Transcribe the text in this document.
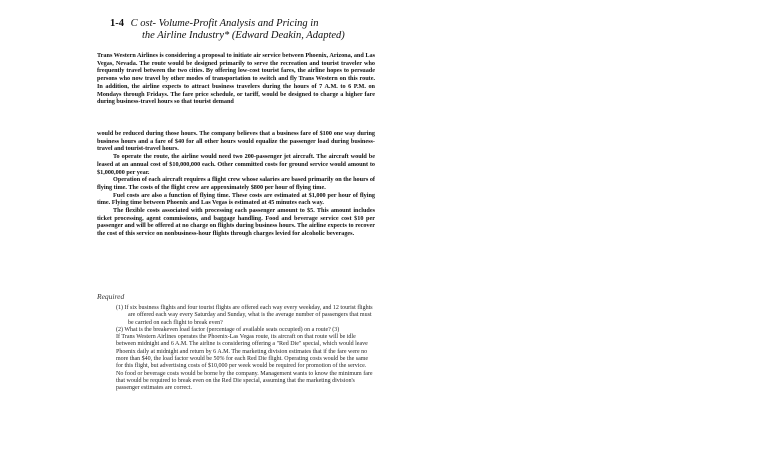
1-4 C ost- Volume-Profit Analysis and Pricing in
the Airline Industry* (Edward Deakin, Adapted)

Trans Western Airlines is considering a proposal to initiate air service between Phoenix, Arizona, and Las Vegas, Nevada. The route would be designed primarily to serve the recreation and tourist traveler who frequently travel between the two cities. By offering low-cost tourist fares, the airline hopes to persuade persons who now travel by other modes of transportation to switch and fly Trans Western on this route. In addition, the airline expects to attract business travelers during the hours of 7 A.M. to 6 P.M. on Mondays through Fridays. The fare price schedule, or tariff, would be designed to charge a higher fare during business-travel hours so that tourist demand

would be reduced during those hours. The company believes that a business fare of $100 one way during business hours and a fare of $40 for all other hours would equalize the passenger load during business-travel and tourist-travel hours.

To operate the route, the airline would need two 200-passenger jet aircraft. The aircraft would be leased at an annual cost of $10,000,000 each. Other committed costs for ground service would amount to $1,000,000 per year.

Operation of each aircraft requires a flight crew whose salaries are based primarily on the hours of flying time. The costs of the flight crew are approximately $800 per hour of flying time.

Fuel costs are also a function of flying time. These costs are estimated at $1,000 per hour of flying time. Flying time between Phoenix and Las Vegas is estimated at 45 minutes each way.

The flexible costs associated with processing each passenger amount to $5. This amount includes ticket processing, agent commissions, and baggage handling. Food and beverage service cost $10 per passenger and will be offered at no charge on flights during business hours. The airline expects to recover the cost of this service on nonbusiness-hour flights through charges levied for alcoholic beverages.

Required

(1) If six business flights and four tourist flights are offered each way every weekday, and 12 tourist flights are offered each way every Saturday and Sunday, what is the average number of passengers that must be carried on each flight to break even?

(2) What is the breakeven load factor (percentage of available seats occupied) on a route? (3)

If Trans Western Airlines operates the Phoenix-Las Vegas route, its aircraft on that route will be idle between midnight and 6 A.M. The airline is considering offering a "Red Die" special, which would leave Phoenix daily at midnight and return by 6 A.M. The marketing division estimates that if the fare were no more than $40, the load factor would be 50% for each Red Die flight. Operating costs would be the same for this flight, but advertising costs of $10,000 per week would be required for promotion of the service. No food or beverage costs would be borne by the company. Management wants to know the minimum fare that would be required to break even on the Red Die special, assuming that the marketing division's passenger estimates are correct.
